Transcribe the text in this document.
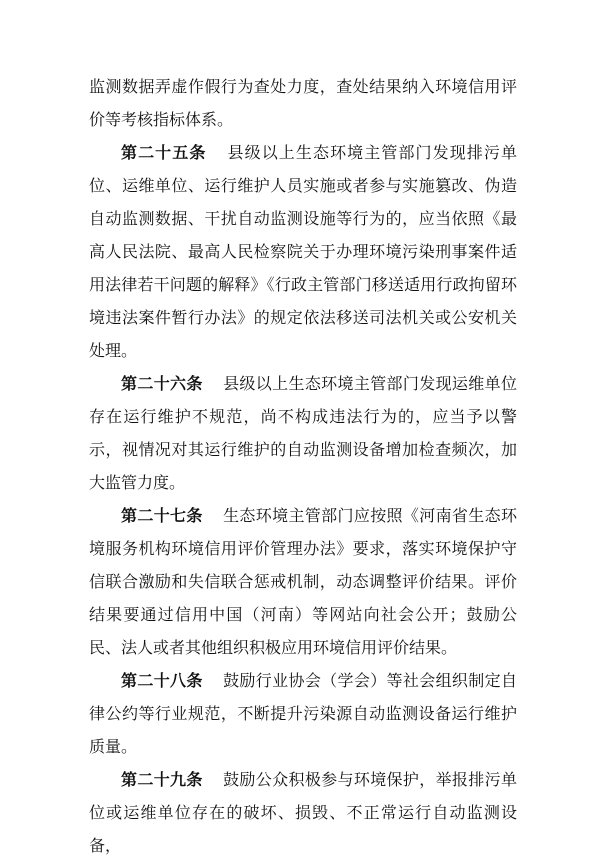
监测数据弄虚作假行为查处力度，查处结果纳入环境信用评价等考核指标体系。

第二十五条 县级以上生态环境主管部门发现排污单位、运维单位、运行维护人员实施或者参与实施篡改、伪造自动监测数据、干扰自动监测设施等行为的，应当依照《最高人民法院、最高人民检察院关于办理环境污染刑事案件适用法律若干问题的解释》《行政主管部门移送适用行政拘留环境违法案件暂行办法》的规定依法移送司法机关或公安机关处理。

第二十六条 县级以上生态环境主管部门发现运维单位存在运行维护不规范，尚不构成违法行为的，应当予以警示，视情况对其运行维护的自动监测设备增加检查频次，加大监管力度。

第二十七条 生态环境主管部门应按照《河南省生态环境服务机构环境信用评价管理办法》要求，落实环境保护守信联合激励和失信联合惩戒机制，动态调整评价结果。评价结果要通过信用中国（河南）等网站向社会公开；鼓励公民、法人或者其他组织积极应用环境信用评价结果。

第二十八条 鼓励行业协会（学会）等社会组织制定自律公约等行业规范，不断提升污染源自动监测设备运行维护质量。

第二十九条 鼓励公众积极参与环境保护，举报排污单位或运维单位存在的破坏、损毁、不正常运行自动监测设备，
